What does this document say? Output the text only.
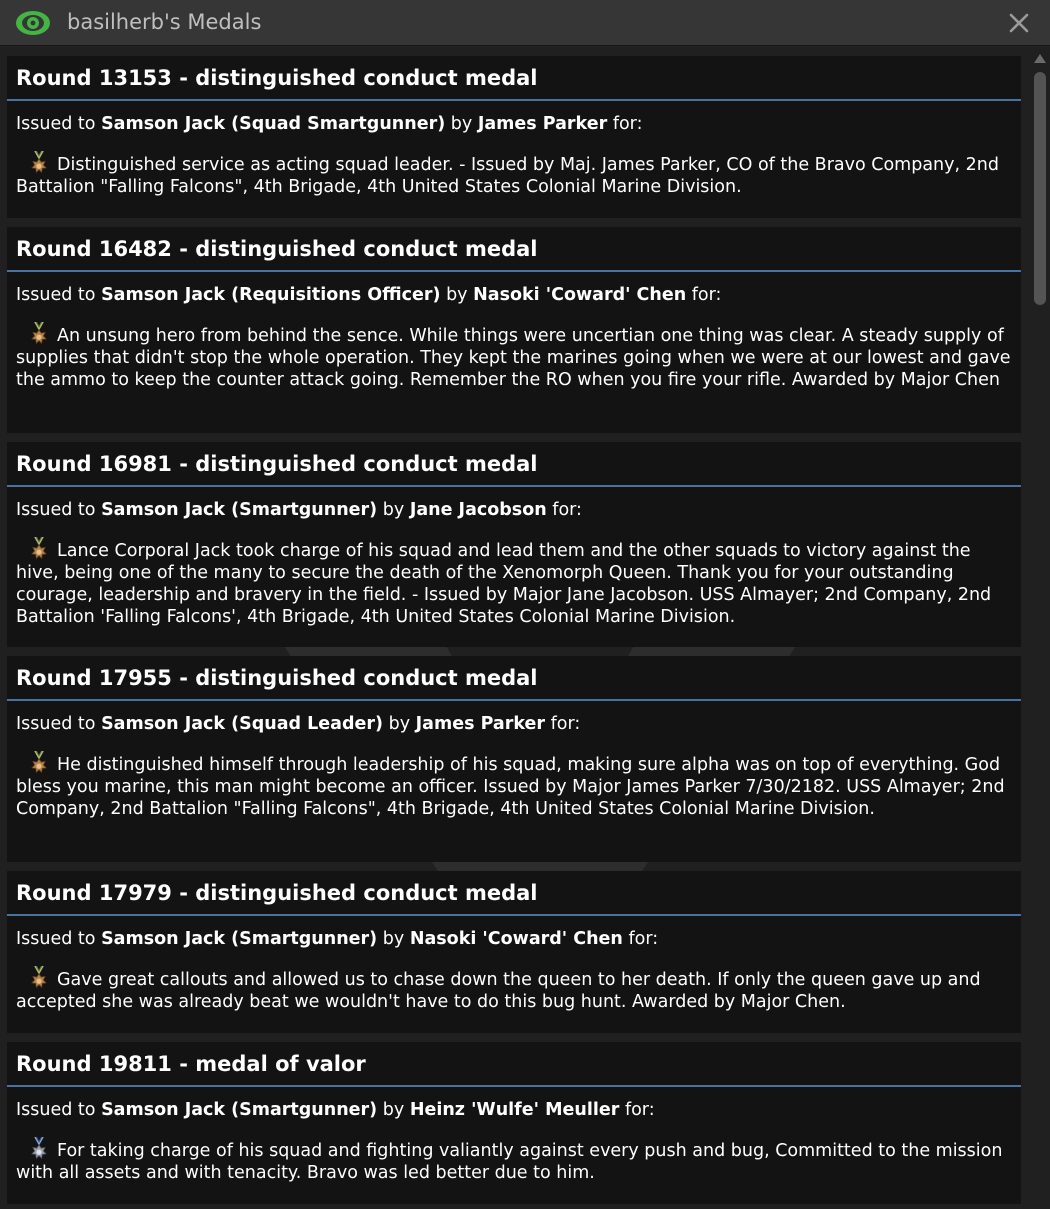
basilherb's Medals
Round 13153 - distinguished conduct medal
Issued to Samson Jack (Squad Smartgunner) by James Parker for:
Distinguished service as acting squad leader. - Issued by Maj. James Parker, CO of the Bravo Company, 2nd Battalion "Falling Falcons", 4th Brigade, 4th United States Colonial Marine Division.
Round 16482 - distinguished conduct medal
Issued to Samson Jack (Requisitions Officer) by Nasoki 'Coward' Chen for:
An unsung hero from behind the sence. While things were uncertian one thing was clear. A steady supply of supplies that didn't stop the whole operation. They kept the marines going when we were at our lowest and gave the ammo to keep the counter attack going. Remember the RO when you fire your rifle. Awarded by Major Chen
Round 16981 - distinguished conduct medal
Issued to Samson Jack (Smartgunner) by Jane Jacobson for:
Lance Corporal Jack took charge of his squad and lead them and the other squads to victory against the hive, being one of the many to secure the death of the Xenomorph Queen. Thank you for your outstanding courage, leadership and bravery in the field. - Issued by Major Jane Jacobson. USS Almayer; 2nd Company, 2nd Battalion 'Falling Falcons', 4th Brigade, 4th United States Colonial Marine Division.
Round 17955 - distinguished conduct medal
Issued to Samson Jack (Squad Leader) by James Parker for:
He distinguished himself through leadership of his squad, making sure alpha was on top of everything. God bless you marine, this man might become an officer. Issued by Major James Parker 7/30/2182. USS Almayer; 2nd Company, 2nd Battalion "Falling Falcons", 4th Brigade, 4th United States Colonial Marine Division.
Round 17979 - distinguished conduct medal
Issued to Samson Jack (Smartgunner) by Nasoki 'Coward' Chen for:
Gave great callouts and allowed us to chase down the queen to her death. If only the queen gave up and accepted she was already beat we wouldn't have to do this bug hunt. Awarded by Major Chen.
Round 19811 - medal of valor
Issued to Samson Jack (Smartgunner) by Heinz 'Wulfe' Meuller for:
For taking charge of his squad and fighting valiantly against every push and bug, Committed to the mission with all assets and with tenacity. Bravo was led better due to him.
